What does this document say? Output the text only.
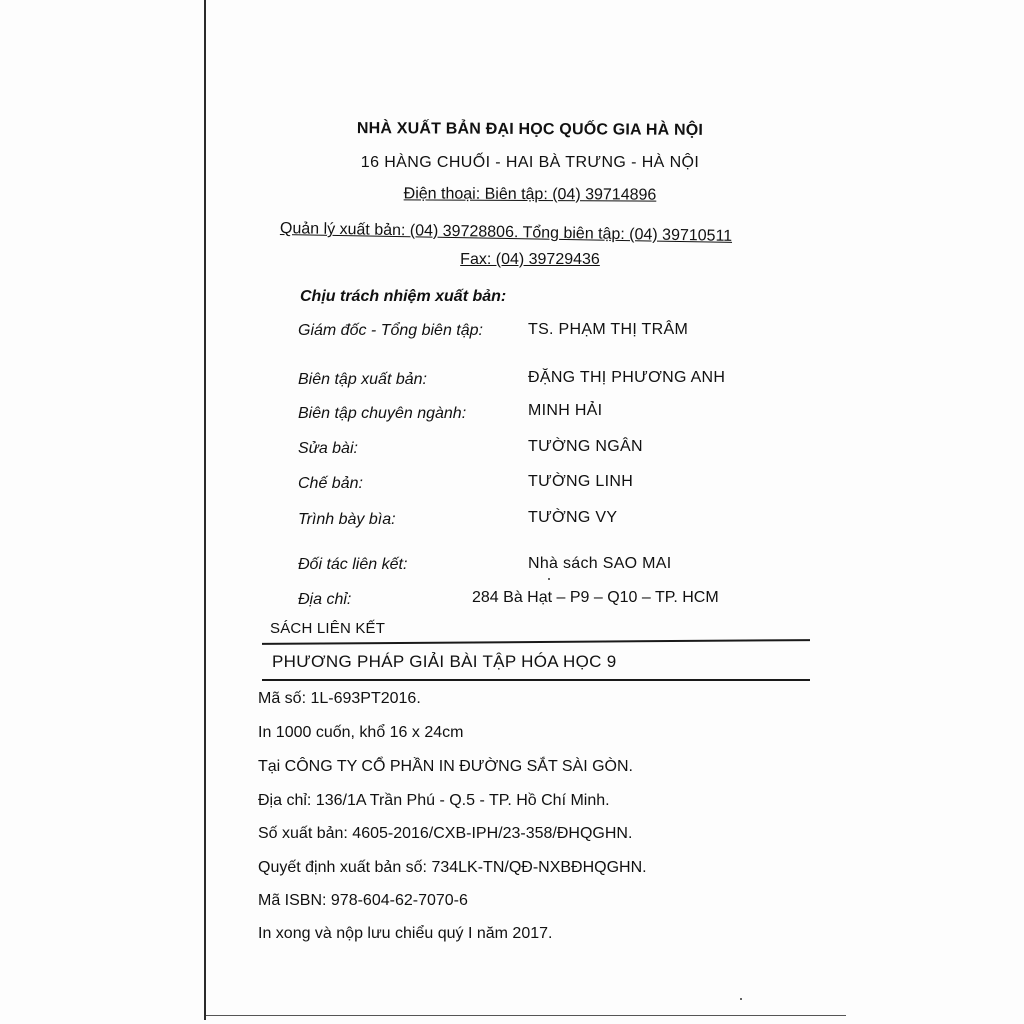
NHÀ XUẤT BẢN ĐẠI HỌC QUỐC GIA HÀ NỘI
16 HÀNG CHUỐI - HAI BÀ TRƯNG - HÀ NỘI
Điện thoại: Biên tập: (04) 39714896
Quản lý xuất bản: (04) 39728806. Tổng biên tập: (04) 39710511
Fax: (04) 39729436
Chịu trách nhiệm xuất bản:
Giám đốc - Tổng biên tập:	TS. PHẠM THỊ TRÂM
Biên tập xuất bản:	ĐẶNG THỊ PHƯƠNG ANH
Biên tập chuyên ngành:	MINH HẢI
Sửa bài:	TƯỜNG NGÂN
Chế bản:	TƯỜNG LINH
Trình bày bìa:	TƯỜNG VY
Đối tác liên kết:	Nhà sách SAO MAI
Địa chỉ:	284 Bà Hạt – P9 – Q10 – TP. HCM
SÁCH LIÊN KẾT
PHƯƠNG PHÁP GIẢI BÀI TẬP HÓA HỌC 9
Mã số: 1L-693PT2016.
In 1000 cuốn, khổ 16 x 24cm
Tại CÔNG TY CỔ PHẦN IN ĐƯỜNG SẮT SÀI GÒN.
Địa chỉ: 136/1A Trần Phú - Q.5 - TP. Hồ Chí Minh.
Số xuất bản: 4605-2016/CXB-IPH/23-358/ĐHQGHN.
Quyết định xuất bản số: 734LK-TN/QĐ-NXBĐHQGHN.
Mã ISBN: 978-604-62-7070-6
In xong và nộp lưu chiểu quý I năm 2017.
